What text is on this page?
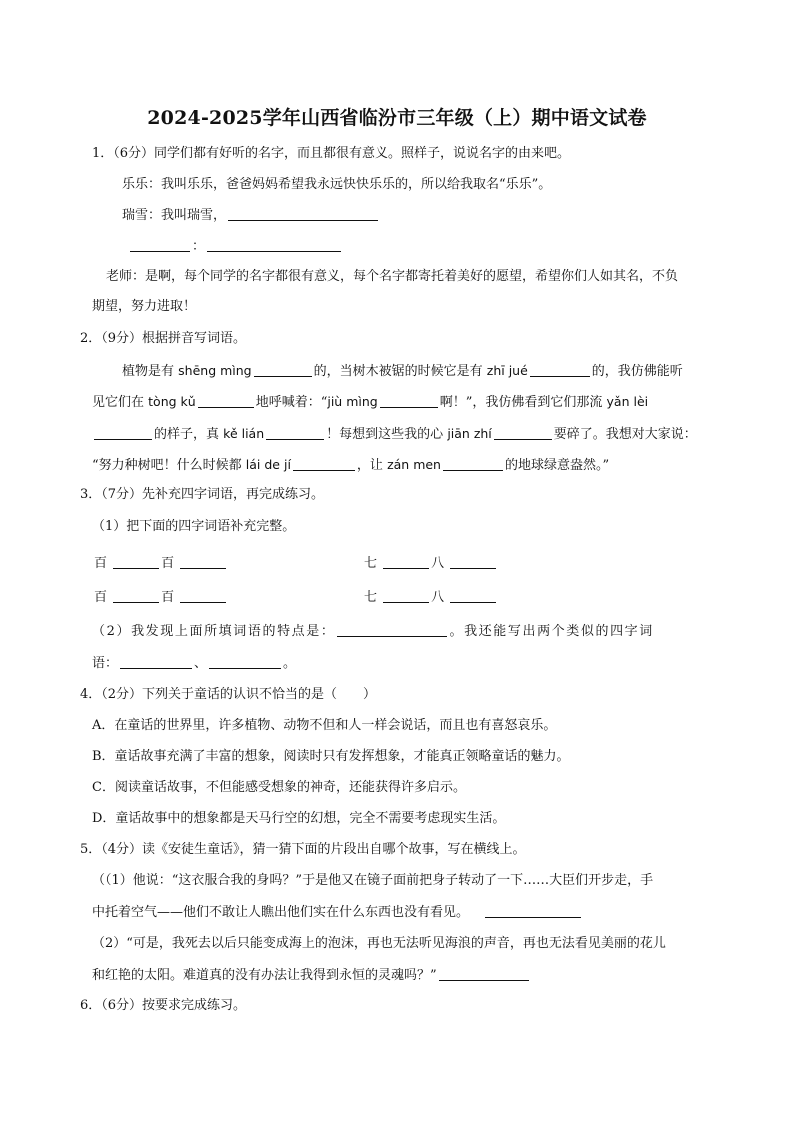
2024-2025学年山西省临汾市三年级（上）期中语文试卷
1．（6分）同学们都有好听的名字，而且都很有意义。照样子，说说名字的由来吧。
乐乐：我叫乐乐，爸爸妈妈希望我永远快快乐乐的，所以给我取名“乐乐”。
瑞雪：我叫瑞雪，
：
老师：是啊，每个同学的名字都很有意义，每个名字都寄托着美好的愿望，希望你们人如其名，不负
期望，努力进取！
2．（9分）根据拼音写词语。
植物是有 shēng mìng	的，当树木被锯的时候它是有 zhī jué	的，我仿佛能听
见它们在 tòng kǔ	地呼喊着：“jiù mìng	啊！”，我仿佛看到它们那流 yǎn lèi
的样子，真 kě lián	！每想到这些我的心 jiān zhí	要碎了。我想对大家说：
“努力种树吧！什么时候都 lái de jí	，让 zán men	的地球绿意盎然。”
3．（7分）先补充四字词语，再完成练习。
（1）把下面的四字词语补充完整。
百	百	七	八
百	百	七	八
（2）我发现上面所填词语的特点是：	。我还能写出两个类似的四字词
语：	、	。
4．（2分）下列关于童话的认识不恰当的是（　　）
A．在童话的世界里，许多植物、动物不但和人一样会说话，而且也有喜怒哀乐。
B．童话故事充满了丰富的想象，阅读时只有发挥想象，才能真正领略童话的魅力。
C．阅读童话故事，不但能感受想象的神奇，还能获得许多启示。
D．童话故事中的想象都是天马行空的幻想，完全不需要考虑现实生活。
5．（4分）读《安徒生童话》，猜一猜下面的片段出自哪个故事，写在横线上。
（（1）他说：“这衣服合我的身吗？”于是他又在镜子面前把身子转动了一下……大臣们开步走，手
中托着空气——他们不敢让人瞧出他们实在什么东西也没有看见。
（2）“可是，我死去以后只能变成海上的泡沫，再也无法听见海浪的声音，再也无法看见美丽的花儿
和红艳的太阳。难道真的没有办法让我得到永恒的灵魂吗？”
6．（6分）按要求完成练习。
